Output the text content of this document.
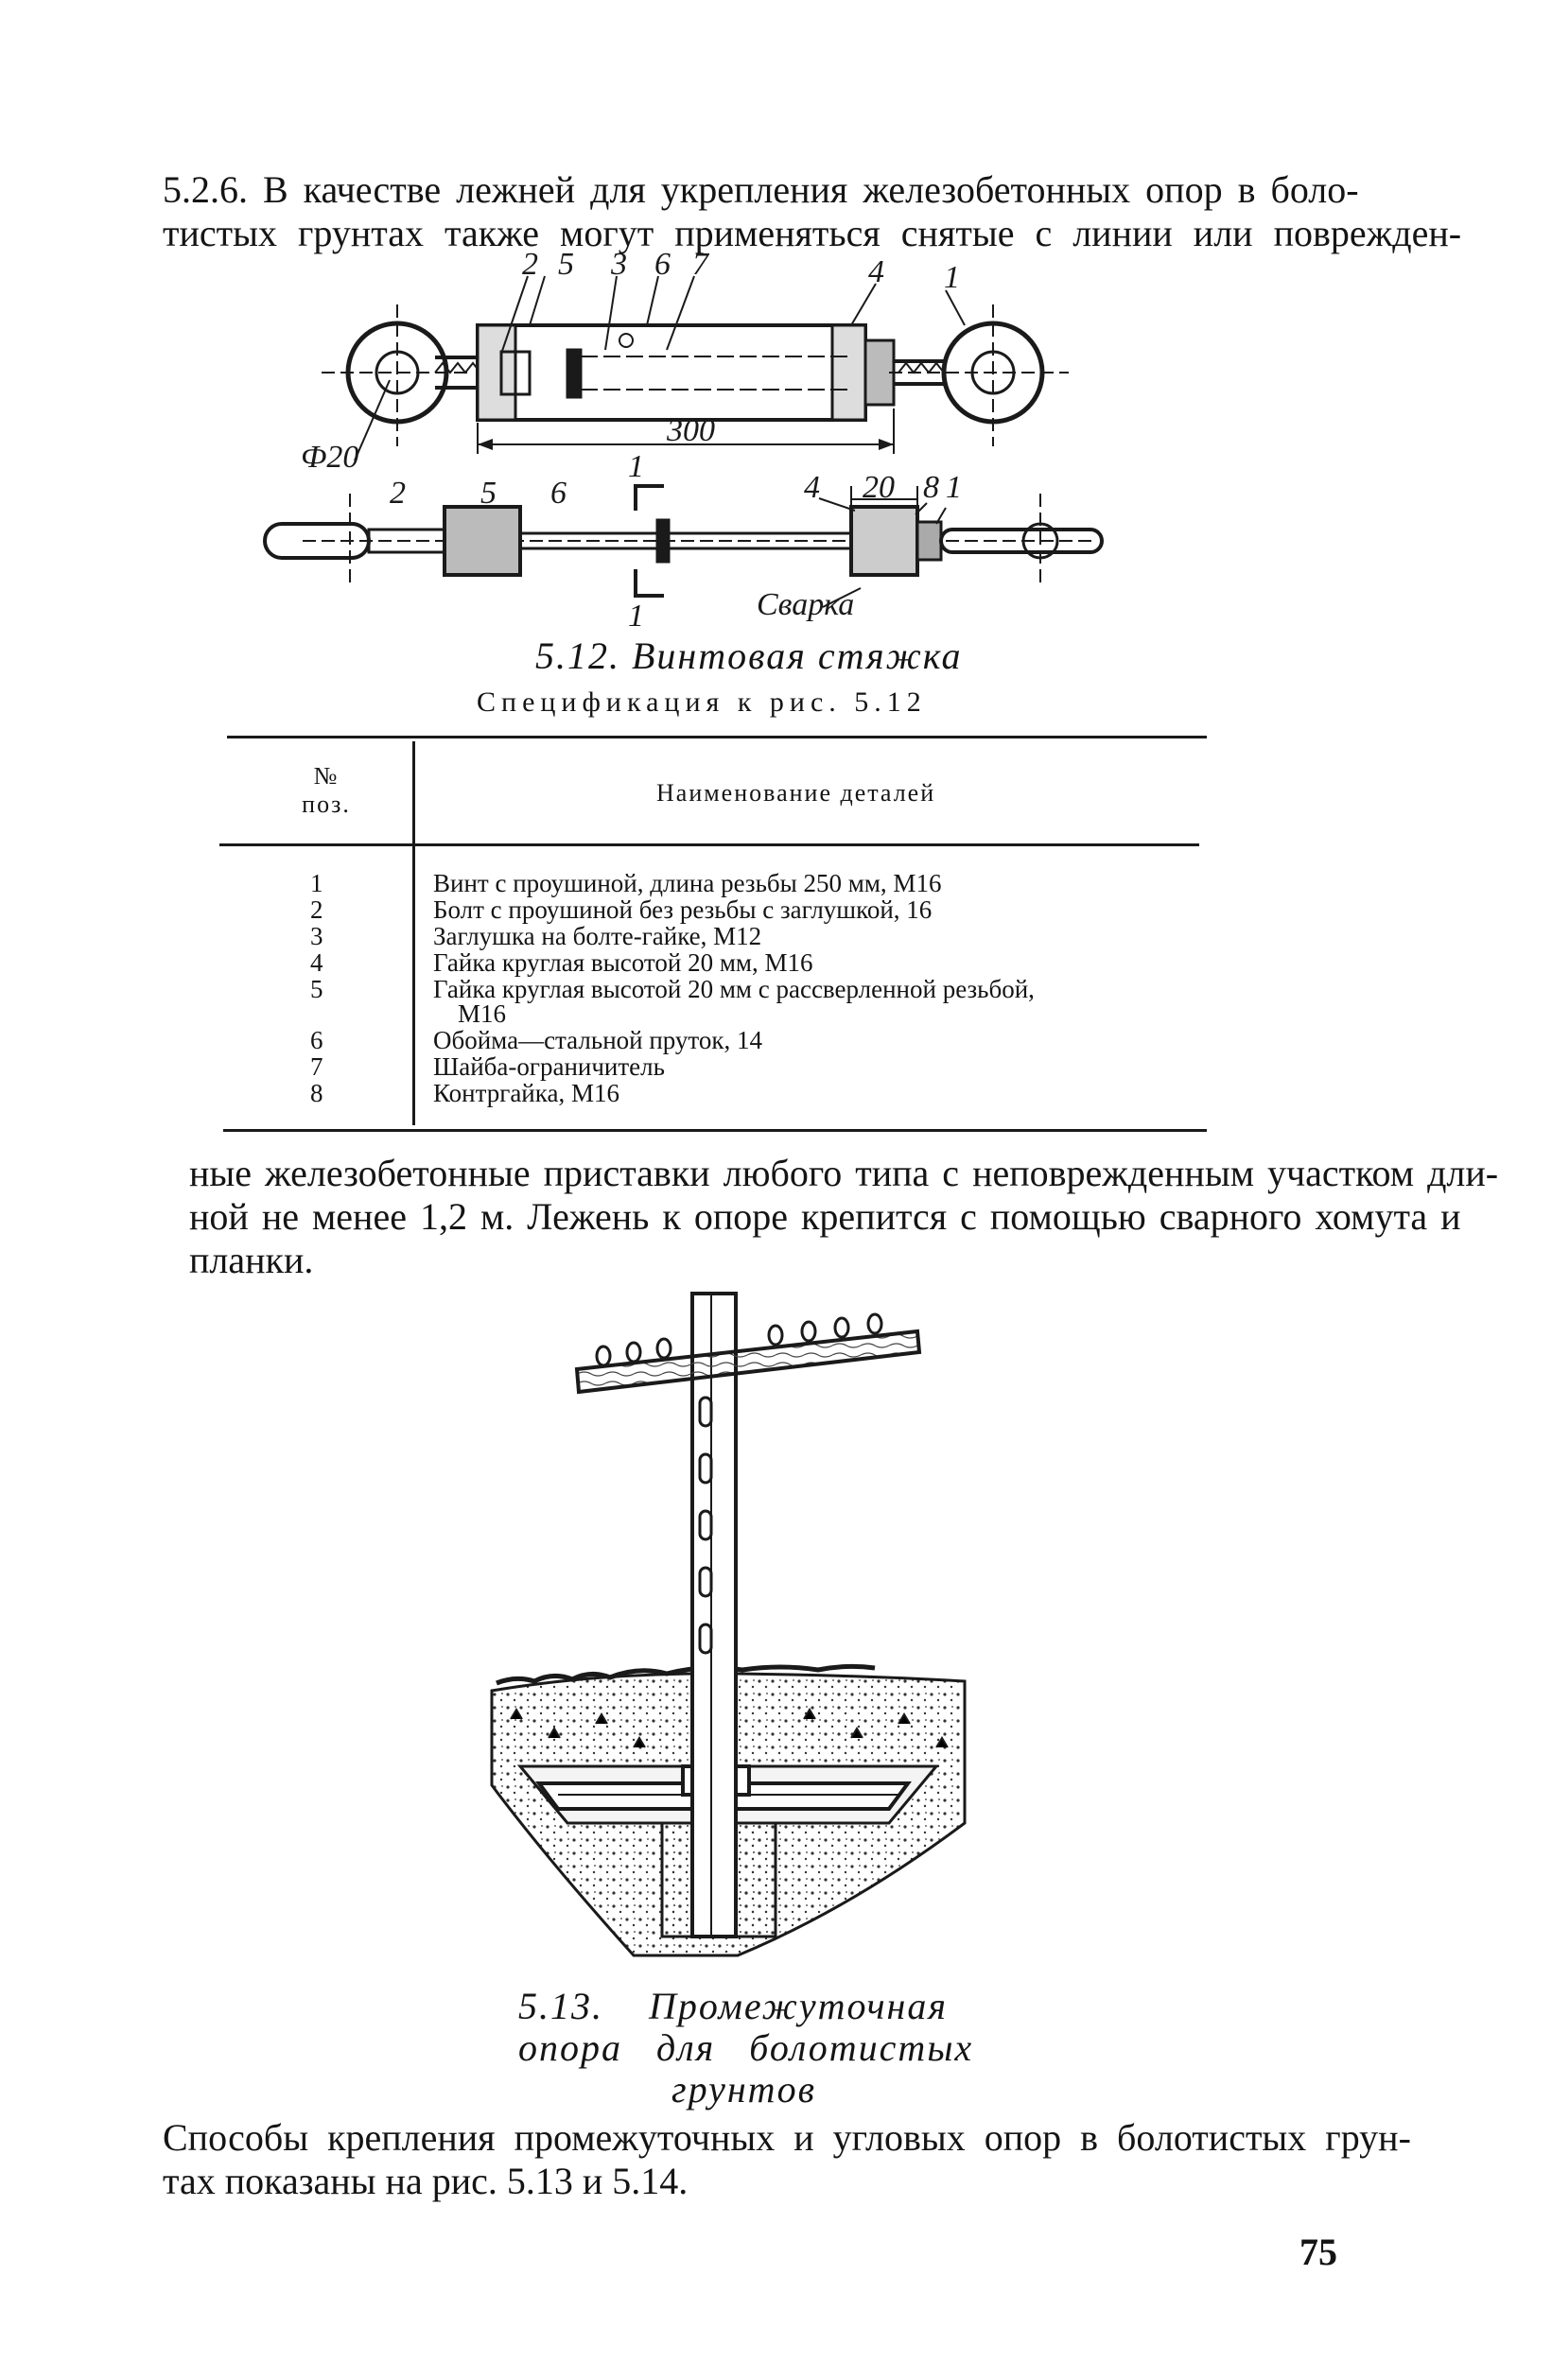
5.2.6. В качестве лежней для укрепления железобетонных опор в боло-
тистых грунтах также могут применяться снятые с линии или поврежден-
2 5 3 6 7	4 1
Ф20
300
2 5 6
1
4 20 8 1
1	Сварка
5.12. Винтовая стяжка
Спецификация к рис. 5.12
№
поз.	Наименование деталей
1	Винт с проушиной, длина резьбы 250 мм, М16
2	Болт с проушиной без резьбы с заглушкой, 16
3	Заглушка на болте-гайке, М12
4	Гайка круглая высотой 20 мм, М16
5	Гайка круглая высотой 20 мм с рассверленной резьбой,
М16
6	Обойма—стальной пруток, 14
7	Шайба-ограничитель
8	Контргайка, М16
ные железобетонные приставки любого типа с неповрежденным участком дли-
ной не менее 1,2 м. Лежень к опоре крепится с помощью сварного хомута и
планки.
5.13.    Промежуточная
опора   для   болотистых
грунтов
Способы крепления промежуточных и угловых опор в болотистых грун-
тах показаны на рис. 5.13 и 5.14.
75
